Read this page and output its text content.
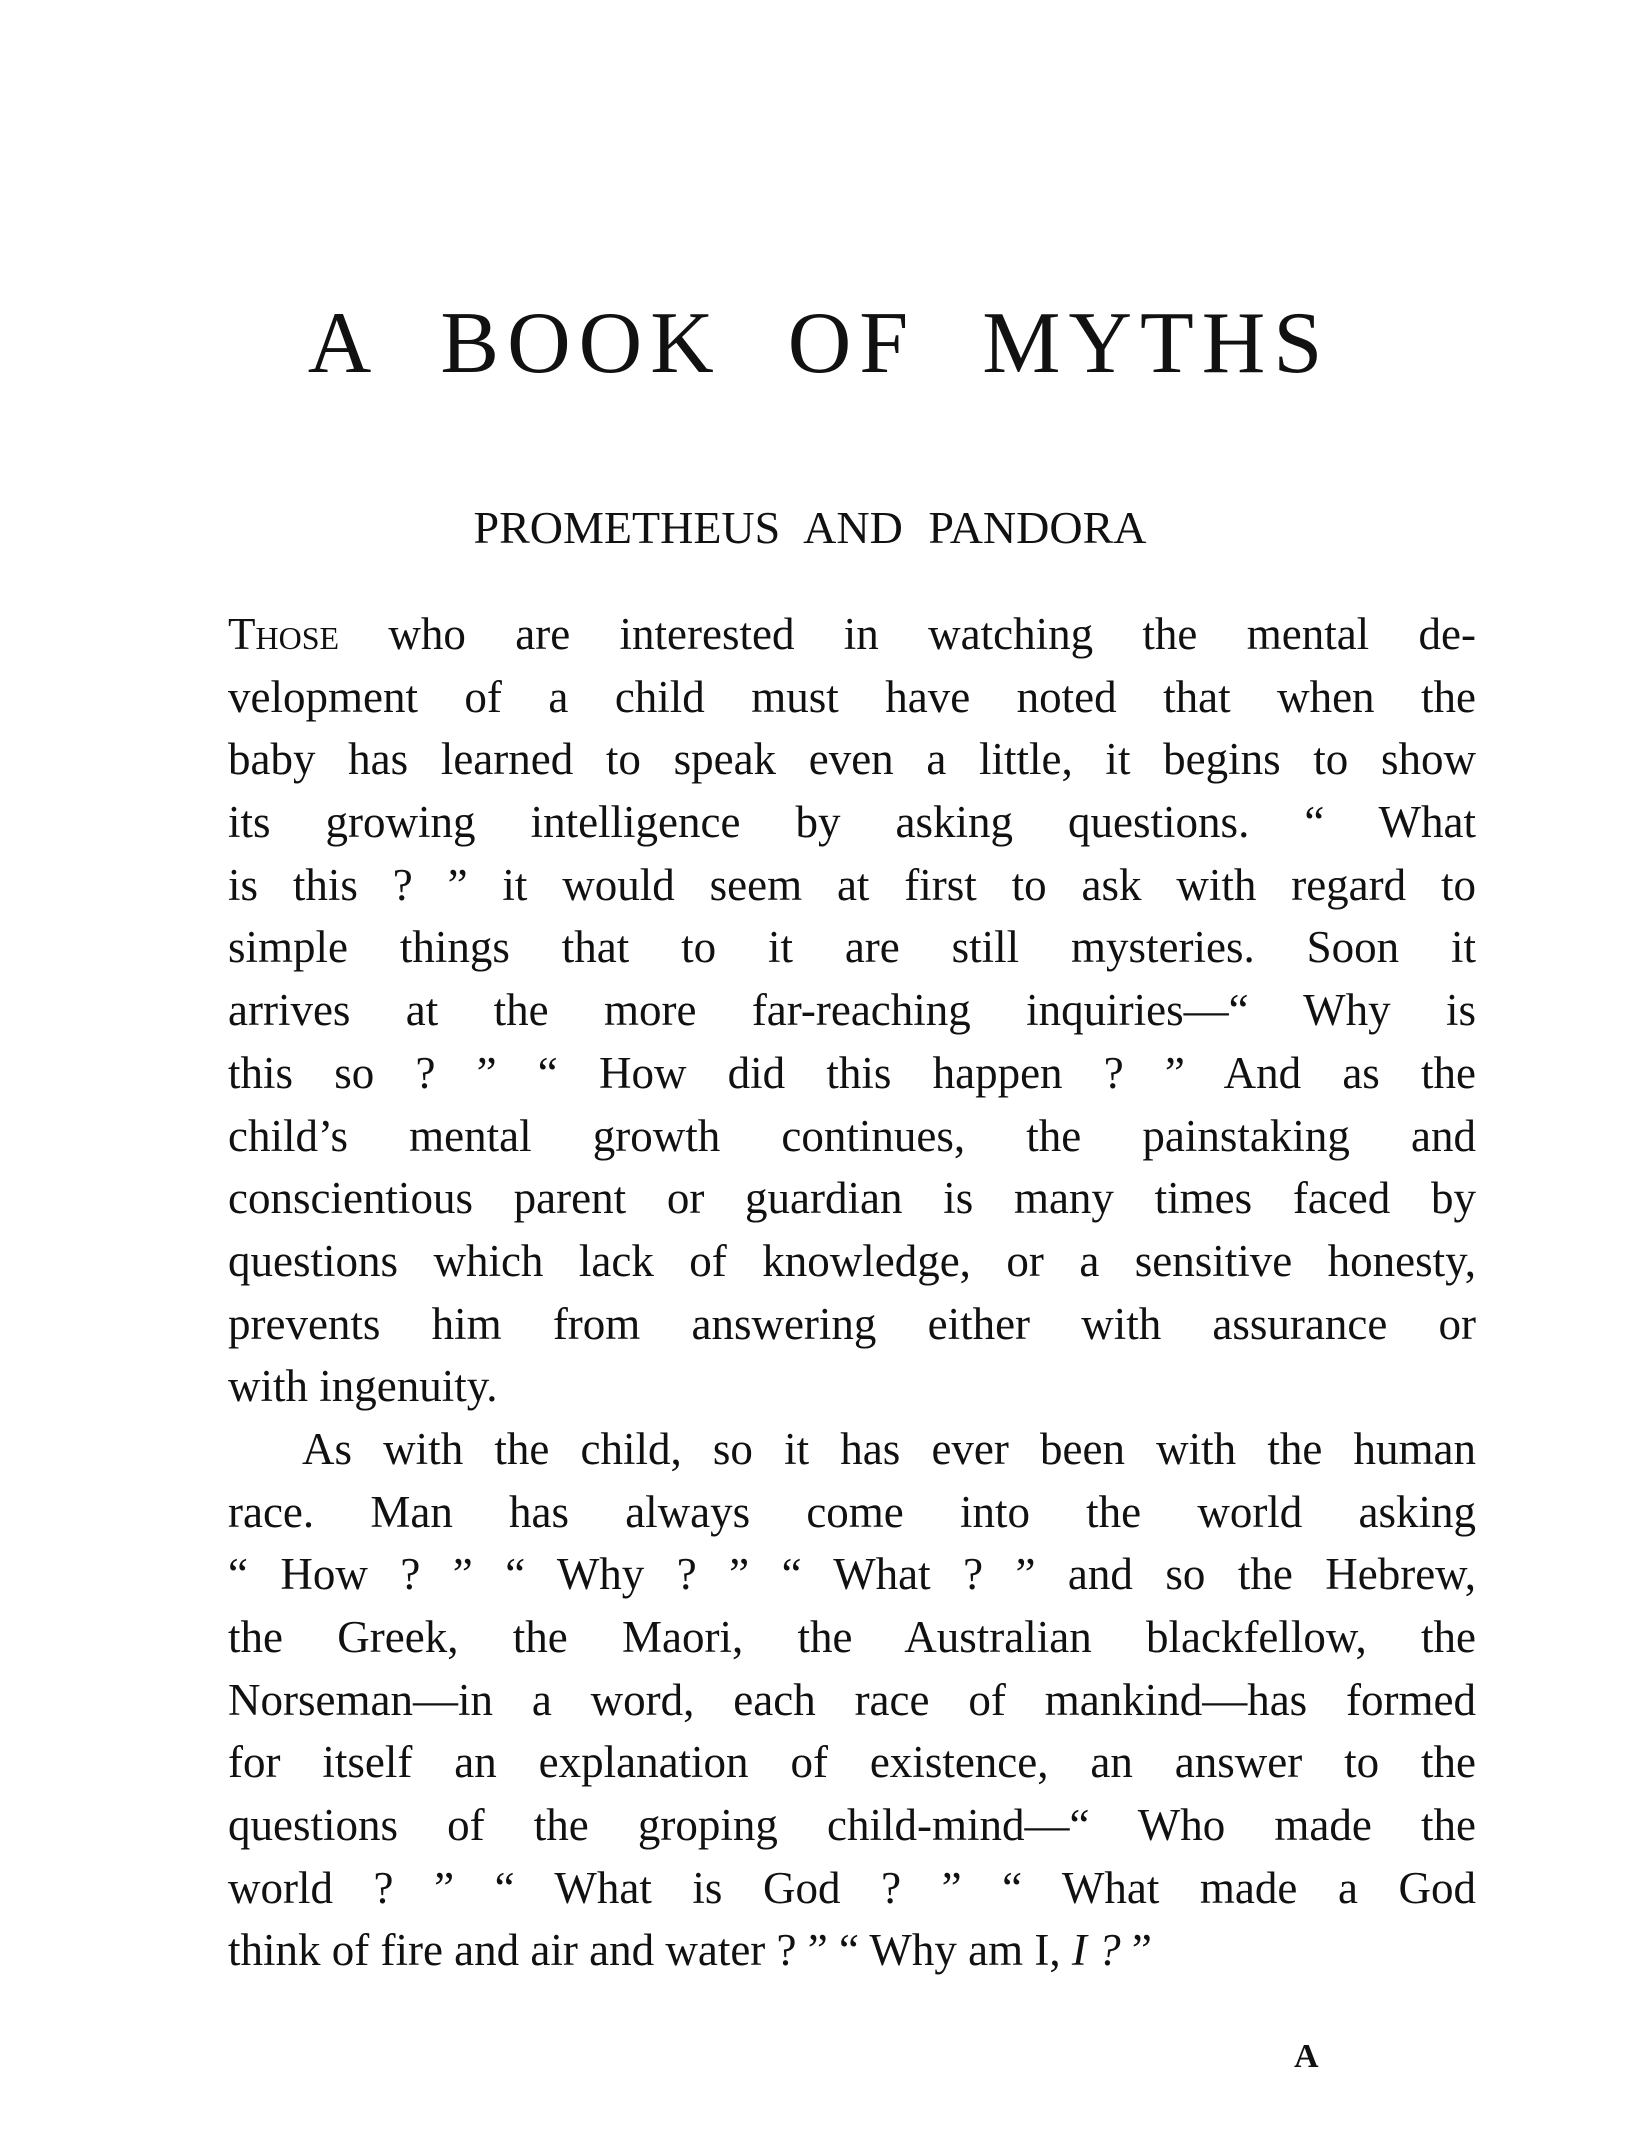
A BOOK OF MYTHS
PROMETHEUS AND PANDORA
Those who are interested in watching the mental de-
velopment of a child must have noted that when the
baby has learned to speak even a little, it begins to show
its growing intelligence by asking questions. “ What
is this ? ” it would seem at first to ask with regard to
simple things that to it are still mysteries. Soon it
arrives at the more far-reaching inquiries—“ Why is
this so ? ” “ How did this happen ? ” And as the
child’s mental growth continues, the painstaking and
conscientious parent or guardian is many times faced by
questions which lack of knowledge, or a sensitive honesty,
prevents him from answering either with assurance or
with ingenuity.
As with the child, so it has ever been with the human
race. Man has always come into the world asking
“ How ? ” “ Why ? ” “ What ? ” and so the Hebrew,
the Greek, the Maori, the Australian blackfellow, the
Norseman—in a word, each race of mankind—has formed
for itself an explanation of existence, an answer to the
questions of the groping child-mind—“ Who made the
world ? ” “ What is God ? ” “ What made a God
think of fire and air and water ? ” “ Why am I, I ? ”
A
